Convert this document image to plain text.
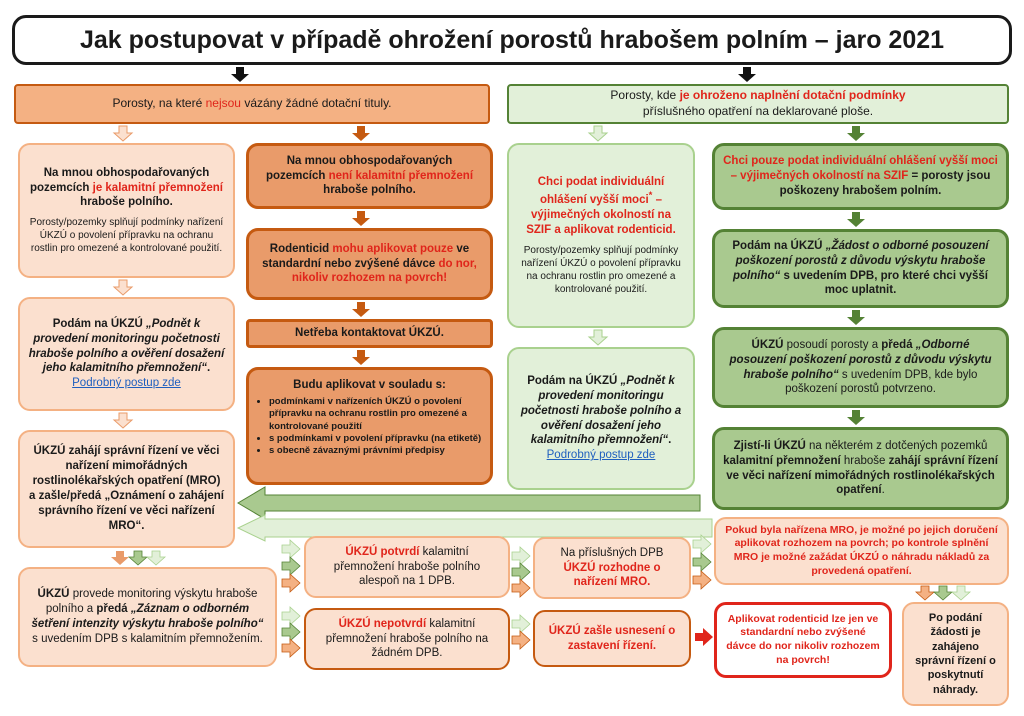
Jak postupovat v případě ohrožení porostů hrabošem polním – jaro 2021

Porosty, na které nejsou vázány žádné dotační tituly.

Porosty, kde je ohroženo naplnění dotační podmínky

příslušného opatření na deklarované ploše.

Na mnou obhospodařovaných pozemcích je kalamitní přemnožení hraboše polního.

Porosty/pozemky splňují podmínky nařízení ÚKZÚ o povolení přípravku na ochranu rostlin pro omezené a kontrolované použití.

Podám na ÚKZÚ „Podnět k provedení monitoringu početnosti hraboše polního a ověření dosažení jeho kalamitního přemnožení“.

Podrobný postup zde

ÚKZÚ zahájí správní řízení ve věci nařízení mimořádných rostlinolékařských opatření (MRO) a zašle/předá „Oznámení o zahájení správního řízení ve věci nařízení MRO“.

ÚKZÚ provede monitoring výskytu hraboše polního a předá „Záznam o odborném šetření intenzity výskytu hraboše polního“ s uvedením DPB s kalamitním přemnožením.

Na mnou obhospodařovaných pozemcích není kalamitní přemnožení hraboše polního.

Rodenticid mohu aplikovat pouze ve standardní nebo zvýšené dávce do nor, nikoliv rozhozem na povrch!

Netřeba kontaktovat ÚKZÚ.

Budu aplikovat v souladu s:

• podmínkami v nařízeních ÚKZÚ o povolení přípravku na ochranu rostlin pro omezené a kontrolované použití
• s podmínkami v povolení přípravku (na etiketě)
• s obecně závaznými právními předpisy

Chci podat individuální ohlášení vyšší moci* – výjimečných okolností na SZIF a aplikovat rodenticid.

Porosty/pozemky splňují podmínky nařízení ÚKZÚ o povolení přípravku na ochranu rostlin pro omezené a kontrolované použití.

Podám na ÚKZÚ „Podnět k provedení monitoringu početnosti hraboše polního a ověření dosažení jeho kalamitního přemnožení“.

Podrobný postup zde

Chci pouze podat individuální ohlášení vyšší moci – výjimečných okolností na SZIF = porosty jsou poškozeny hrabošem polním.

Podám na ÚKZÚ „Žádost o odborné posouzení poškození porostů z důvodu výskytu hraboše polního“ s uvedením DPB, pro které chci vyšší moc uplatnit.

ÚKZÚ posoudí porosty a předá „Odborné posouzení poškození porostů z důvodu výskytu hraboše polního“ s uvedením DPB, kde bylo poškození porostů potvrzeno.

Zjistí-li ÚKZÚ na některém z dotčených pozemků kalamitní přemnožení hraboše zahájí správní řízení ve věci nařízení mimořádných rostlinolékařských opatření.

ÚKZÚ potvrdí kalamitní přemnožení hraboše polního alespoň na 1 DPB.

ÚKZÚ nepotvrdí kalamitní přemnožení hraboše polního na žádném DPB.

Na příslušných DPB ÚKZÚ rozhodne o nařízení MRO.

ÚKZÚ zašle usnesení o zastavení řízení.

Pokud byla nařízena MRO, je možné po jejich doručení aplikovat rozhozem na povrch; po kontrole splnění MRO je možné zažádat ÚKZÚ o náhradu nákladů za provedená opatření.

Aplikovat rodenticid lze jen ve standardní nebo zvýšené dávce do nor nikoliv rozhozem na povrch!

Po podání žádosti je zahájeno správní řízení o poskytnutí náhrady.
